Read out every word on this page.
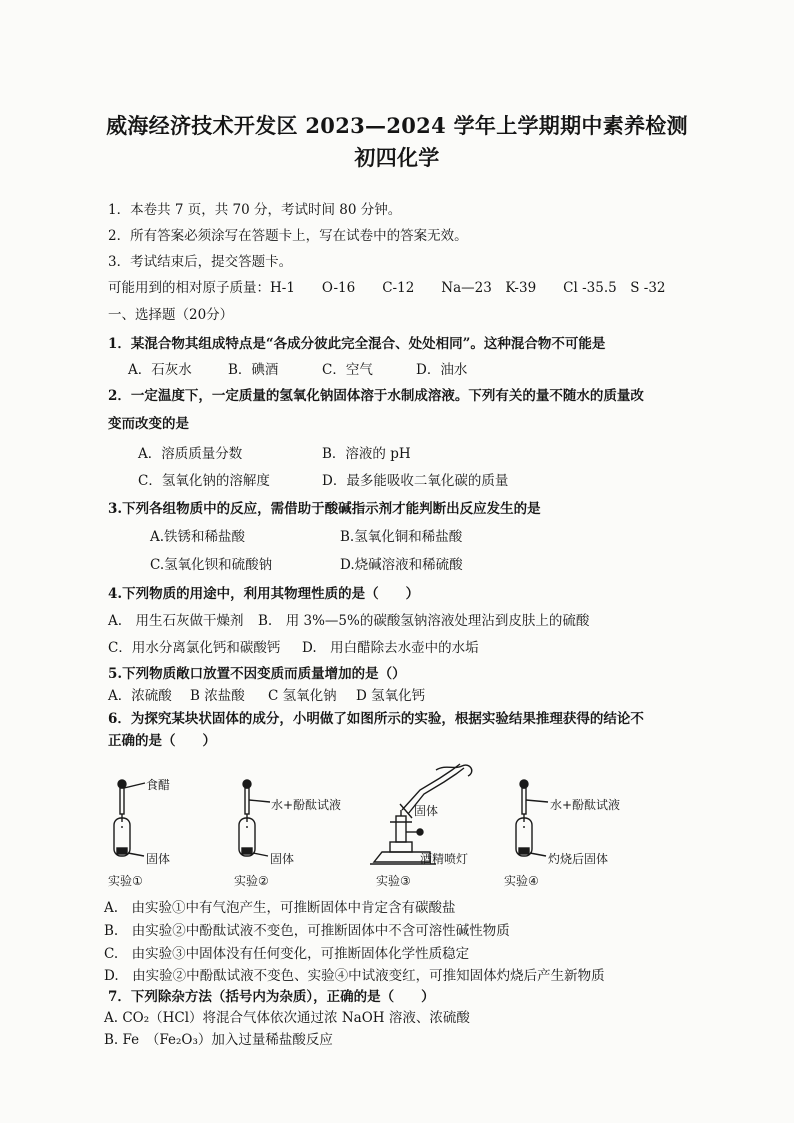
威海经济技术开发区 2023—2024 学年上学期期中素养检测
初四化学
1．本卷共 7 页，共 70 分，考试时间 80 分钟。
2．所有答案必须涂写在答题卡上，写在试卷中的答案无效。
3．考试结束后，提交答题卡。
可能用到的相对原子质量：H-1　　O-16　　C-12　　Na—23　K-39　　Cl -35.5　S -32
一、选择题（20分）
1．某混合物其组成特点是“各成分彼此完全混合、处处相同”。这种混合物不可能是
A．石灰水	B．碘酒	C．空气	D．油水
2．一定温度下，一定质量的氢氧化钠固体溶于水制成溶液。下列有关的量不随水的质量改
变而改变的是
A．溶质质量分数	B．溶液的 pH
C．氢氧化钠的溶解度	D．最多能吸收二氧化碳的质量
3.下列各组物质中的反应，需借助于酸碱指示剂才能判断出反应发生的是
A.铁锈和稀盐酸	B.氢氧化铜和稀盐酸
C.氢氧化钡和硫酸钠	D.烧碱溶液和稀硫酸
4.下列物质的用途中，利用其物理性质的是（　　）
A.　用生石灰做干燥剂 B.　用 3%—5%的碳酸氢钠溶液处理沾到皮肤上的硫酸
C．用水分离氯化钙和碳酸钙 D.　用白醋除去水壶中的水垢
5.下列物质敞口放置不因变质而质量增加的是（）
A．浓硫酸 B 浓盐酸 C 氢氧化钠 D 氢氧化钙
6．为探究某块状固体的成分，小明做了如图所示的实验，根据实验结果推理获得的结论不
正确的是（　　）
食醋
固体
实验①
水+酚酞试液
固体
实验②
固体
酒精喷灯
实验③
水+酚酞试液
灼烧后固体
实验④
A.　由实验①中有气泡产生，可推断固体中肯定含有碳酸盐
B.　由实验②中酚酞试液不变色，可推断固体中不含可溶性碱性物质
C.　由实验③中固体没有任何变化，可推断固体化学性质稳定
D.　由实验②中酚酞试液不变色、实验④中试液变红，可推知固体灼烧后产生新物质
7．下列除杂方法（括号内为杂质），正确的是（　　）
A. CO₂（HCl）将混合气体依次通过浓 NaOH 溶液、浓硫酸
B. Fe　（Fe₂O₃）加入过量稀盐酸反应
